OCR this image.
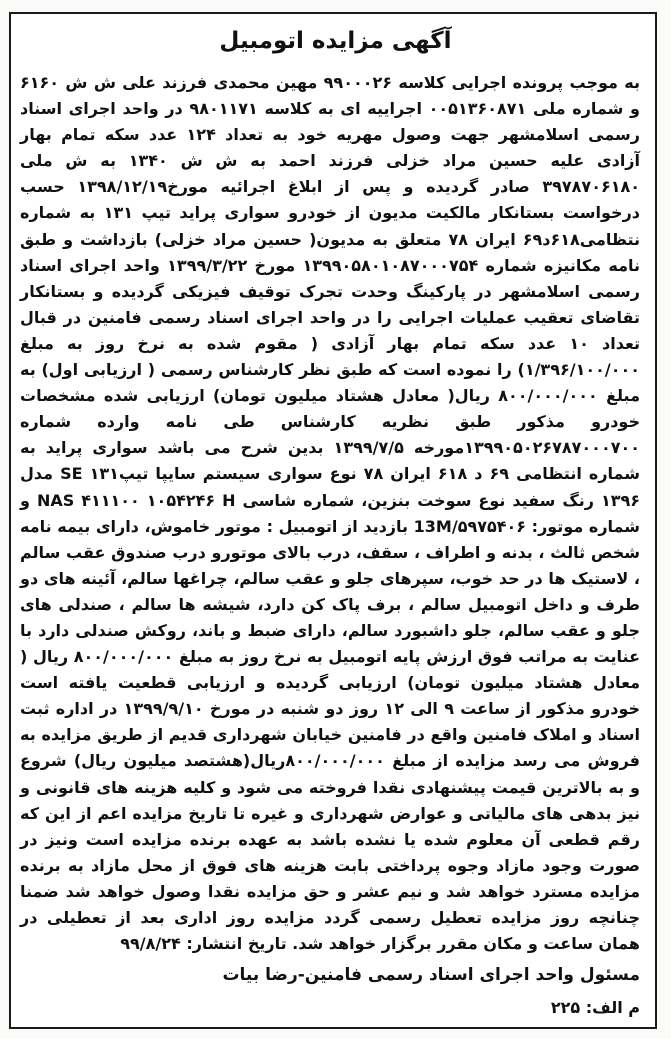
آگهی مزایده اتومبیل
به موجب پرونده اجرایی کلاسه ۹۹۰۰۰۲۶ مهین محمدی فرزند علی ش ش ۶۱۶۰ و شماره ملی ۰۰۵۱۳۶۰۸۷۱ اجراییه ای به کلاسه ۹۸۰۱۱۷۱ در واحد اجرای اسناد رسمی اسلامشهر جهت وصول مهریه خود به تعداد ۱۲۴ عدد سکه تمام بهار آزادی علیه حسین مراد خزلی فرزند احمد به ش ش ۱۳۴۰ به ش ملی ۳۹۷۸۷۰۶۱۸۰ صادر گردیده و پس از ابلاغ اجرائیه مورخ۱۳۹۸/۱۲/۱۹ حسب درخواست بستانکار مالکیت مدیون از خودرو سواری پراید تیپ ۱۳۱ به شماره نتظامی۶۱۸د۶۹ ایران ۷۸ متعلق به مدیون( حسین مراد خزلی) بازداشت و طبق نامه مکانیزه شماره ۱۳۹۹۰۵۸۰۱۰۸۷۰۰۰۷۵۴ مورخ ۱۳۹۹/۳/۲۲ واحد اجرای اسناد رسمی اسلامشهر در پارکینگ وحدت تجرک توقیف فیزیکی گردیده و بستانکار تقاضای تعقیب عملیات اجرایی را در واحد اجرای اسناد رسمی فامنین در قبال تعداد ۱۰ عدد سکه تمام بهار آزادی ( مقوم شده به نرخ روز به مبلغ ۱/۳۹۶/۱۰۰/۰۰۰) را نموده است که طبق نظر کارشناس رسمی ( ارزیابی اول) به مبلغ ۸۰۰/۰۰۰/۰۰۰ ریال( معادل هشتاد میلیون تومان) ارزیابی شده مشخصات خودرو مذکور طبق نظریه کارشناس طی نامه وارده شماره ۱۳۹۹۰۵۰۲۶۷۸۷۰۰۰۷۰۰مورخه ۱۳۹۹/۷/۵ بدین شرح می باشد سواری پراید به شماره انتظامی ۶۹ د ۶۱۸ ایران ۷۸ نوع سواری سیستم سایپا تیپ۱۳۱ SE مدل ۱۳۹۶ رنگ سفید نوع سوخت بنزین، شماره شاسی NAS ۴۱۱۱۰۰ ۱۰۵۴۲۴۶ H و شماره موتور: 13M/۵۹۷۵۴۰۶ بازدید از اتومبیل : موتور خاموش، دارای بیمه نامه شخص ثالث ، بدنه و اطراف ، سقف، درب بالای موتورو درب صندوق عقب سالم ، لاستیک ها در حد خوب، سپرهای جلو و عقب سالم، چراغها سالم، آئینه های دو طرف و داخل اتومبیل سالم ، برف پاک کن دارد، شیشه ها سالم ، صندلی های جلو و عقب سالم، جلو داشبورد سالم، دارای ضبط و باند، روکش صندلی دارد با عنایت به مراتب فوق ارزش پایه اتومبیل به نرخ روز به مبلغ ۸۰۰/۰۰۰/۰۰۰ ریال ( معادل هشتاد میلیون تومان) ارزیابی گردیده و ارزیابی قطعیت یافته است خودرو مذکور از ساعت ۹ الی ۱۲ روز دو شنبه در مورخ ۱۳۹۹/۹/۱۰ در اداره ثبت اسناد و املاک فامنین واقع در فامنین خیابان شهرداری قدیم از طریق مزایده به فروش می رسد مزایده از مبلغ ۸۰۰/۰۰۰/۰۰۰ریال(هشتصد میلیون ریال) شروع و به بالاترین قیمت پیشنهادی نقدا فروخته می شود و کلیه هزینه های قانونی و نیز بدهی های مالیاتی و عوارض شهرداری و غیره تا تاریخ مزایده اعم از این که رقم قطعی آن معلوم شده یا نشده باشد به عهده برنده مزایده است ونیز در صورت وجود مازاد وجوه پرداختی بابت هزینه های فوق از محل مازاد به برنده مزایده مسترد خواهد شد و نیم عشر و حق مزایده نقدا وصول خواهد شد ضمنا چنانچه روز مزایده تعطیل رسمی گردد مزایده روز اداری بعد از تعطیلی در همان ساعت و مکان مقرر برگزار خواهد شد. تاریخ انتشار: ۹۹/۸/۲۴
مسئول واحد اجرای اسناد رسمی فامنین-رضا بیات
م الف: ۲۲۵
